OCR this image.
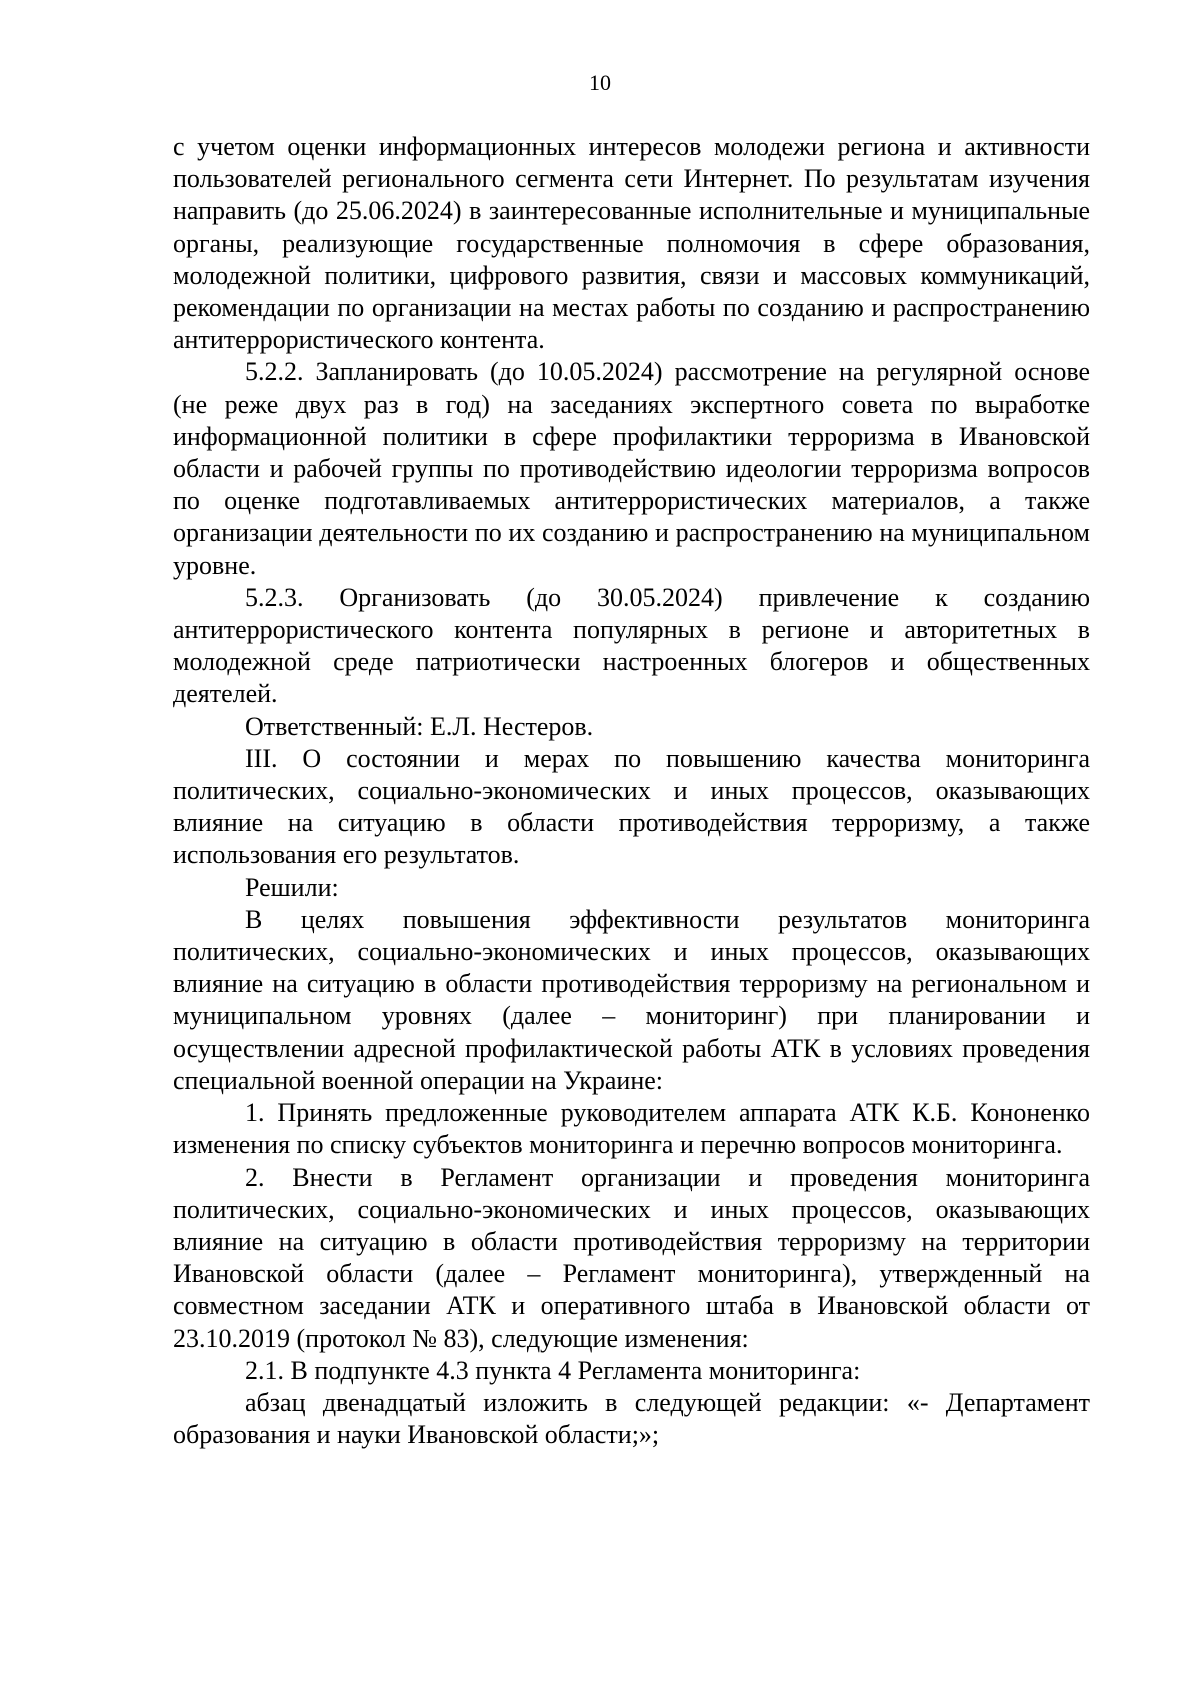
10

с учетом оценки информационных интересов молодежи региона и активности пользователей регионального сегмента сети Интернет. По результатам изучения направить (до 25.06.2024) в заинтересованные исполнительные и муниципальные органы, реализующие государственные полномочия в сфере образования, молодежной политики, цифрового развития, связи и массовых коммуникаций, рекомендации по организации на местах работы по созданию и распространению антитеррористического контента.

5.2.2. Запланировать (до 10.05.2024) рассмотрение на регулярной основе (не реже двух раз в год) на заседаниях экспертного совета по выработке информационной политики в сфере профилактики терроризма в Ивановской области и рабочей группы по противодействию идеологии терроризма вопросов по оценке подготавливаемых антитеррористических материалов, а также организации деятельности по их созданию и распространению на муниципальном уровне.

5.2.3. Организовать (до 30.05.2024) привлечение к созданию антитеррористического контента популярных в регионе и авторитетных в молодежной среде патриотически настроенных блогеров и общественных деятелей.

Ответственный: Е.Л. Нестеров.

III. О состоянии и мерах по повышению качества мониторинга политических, социально-экономических и иных процессов, оказывающих влияние на ситуацию в области противодействия терроризму, а также использования его результатов.

Решили:

В целях повышения эффективности результатов мониторинга политических, социально-экономических и иных процессов, оказывающих влияние на ситуацию в области противодействия терроризму на региональном и муниципальном уровнях (далее – мониторинг) при планировании и осуществлении адресной профилактической работы АТК в условиях проведения специальной военной операции на Украине:

1. Принять предложенные руководителем аппарата АТК К.Б. Кононенко изменения по списку субъектов мониторинга и перечню вопросов мониторинга.

2. Внести в Регламент организации и проведения мониторинга политических, социально-экономических и иных процессов, оказывающих влияние на ситуацию в области противодействия терроризму на территории Ивановской области (далее – Регламент мониторинга), утвержденный на совместном заседании АТК и оперативного штаба в Ивановской области от 23.10.2019 (протокол № 83), следующие изменения:

2.1. В подпункте 4.3 пункта 4 Регламента мониторинга:

абзац двенадцатый изложить в следующей редакции: «- Департамент образования и науки Ивановской области;»;
